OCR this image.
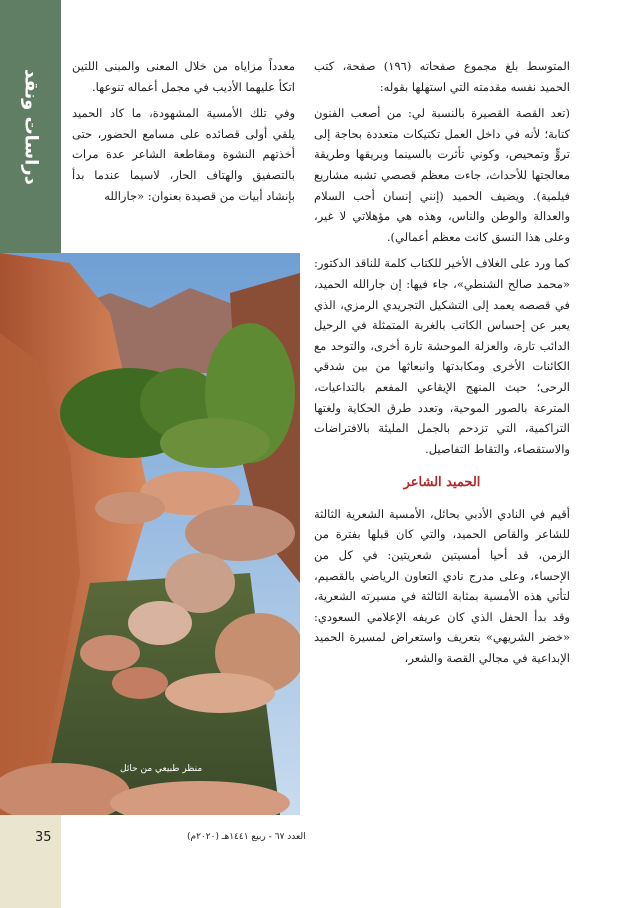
دراسات ونقد

المتوسط بلغ مجموع صفحاته (١٩٦) صفحة، كتب الحميد نفسه مقدمته التي استهلها بقوله:

(تعد القصة القصيرة بالنسبة لي: من أصعب الفنون كتابة؛ لأنه في داخل العمل تكتيكات متعددة بحاجة إلى تروٍّ وتمحيص، وكوني تأثرت بالسينما وبريقها وطريقة معالجتها للأحداث، جاءت معظم قصصي تشبه مشاريع فيلمية). ويضيف الحميد (إنني إنسان أحب السلام والعدالة والوطن والناس، وهذه هي مؤهلاتي لا غير، وعلى هذا النسق كانت معظم أعمالي).

كما ورد على الغلاف الأخير للكتاب كلمة للناقد الدكتور: «محمد صالح الشنطي»، جاء فيها: إن جارالله الحميد، في قصصه يعمد إلى التشكيل التجريدي الرمزي، الذي يعبر عن إحساس الكاتب بالغربة المتمثلة في الرحيل الدائب تارة، والعزلة الموحشة تارة أخرى، والتوحد مع الكائنات الأخرى ومكابدتها وانبعاثها من بين شدقي الرحى؛ حيث المنهج الإيقاعي المفعم بالتداعيات، المترعة بالصور الموحية، وتعدد طرق الحكاية ولغتها التراكمية، التي تزدحم بالجمل المليئة بالافتراضات والاستقصاء، والتقاط التفاصيل.

الحميد الشاعر

أقيم في النادي الأدبي بحائل، الأمسية الشعرية الثالثة للشاعر والقاص الحميد، والتي كان قبلها بفترة من الزمن، قد أحيا أمسيتين شعريتين: في كل من الإحساء، وعلى مدرج نادي التعاون الرياضي بالقصيم، لتأتي هذه الأمسية بمثابة الثالثة في مسيرته الشعرية، وقد بدأ الحفل الذي كان عريفه الإعلامي السعودي: «خضر الشريهي» بتعريف واستعراض لمسيرة الحميد الإبداعية في مجالي القصة والشعر،

معدداً مزاياه من خلال المعنى والمبنى اللتين اتكأ عليهما الأديب في مجمل أعماله تنوعها.

وفي تلك الأمسية المشهودة، ما كاد الحميد يلقي أولى قصائده على مسامع الحضور، حتى أخذتهم النشوة ومقاطعة الشاعر عدة مرات بالتصفيق والهتاف الحار، لاسيما عندما بدأ بإنشاد أبيات من قصيدة بعنوان: «جارالله

منظر طبيعي من حائل
35	العدد ٦٧ - ربيع ١٤٤١هـ (٢٠٢٠م)
